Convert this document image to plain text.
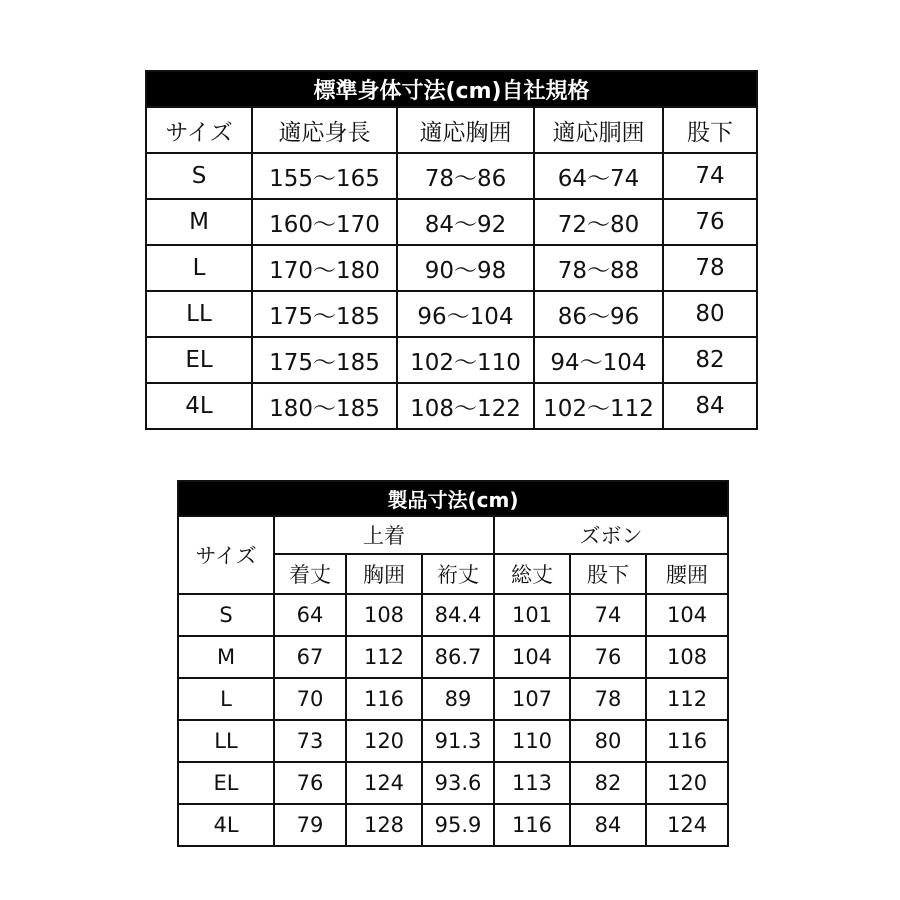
標準身体寸法(cm)自社規格				
サイズ	適応身長	適応胸囲	適応胴囲	股下
S	155〜165	78〜86	64〜74	74
M	160〜170	84〜92	72〜80	76
L	170〜180	90〜98	78〜88	78
LL	175〜185	96〜104	86〜96	80
EL	175〜185	102〜110	94〜104	82
4L	180〜185	108〜122	102〜112	84
製品寸法(cm)						
サイズ	上着			ズボン		
	着丈	胸囲	裄丈	総丈	股下	腰囲
S	64	108	84.4	101	74	104
M	67	112	86.7	104	76	108
L	70	116	89	107	78	112
LL	73	120	91.3	110	80	116
EL	76	124	93.6	113	82	120
4L	79	128	95.9	116	84	124
